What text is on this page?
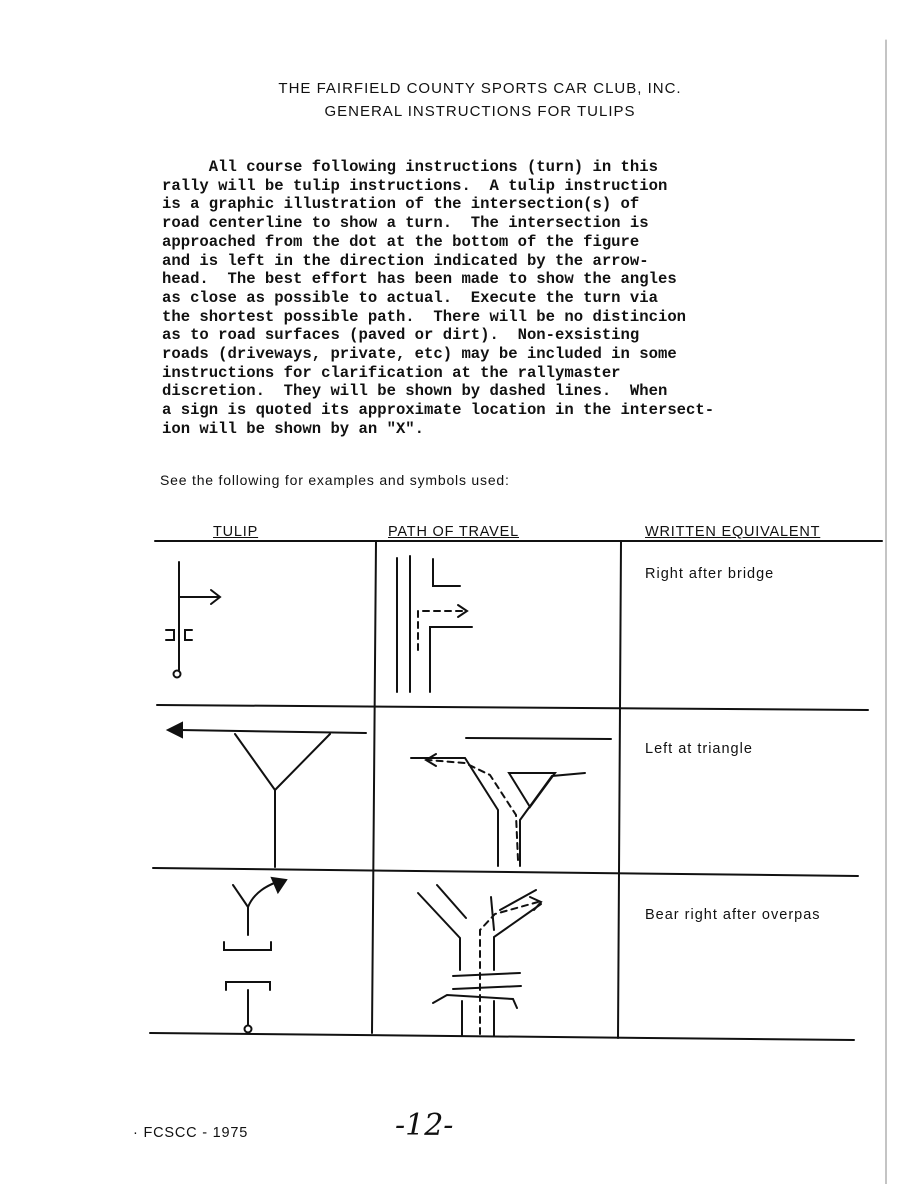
THE FAIRFIELD COUNTY SPORTS CAR CLUB, INC.
GENERAL INSTRUCTIONS FOR TULIPS
All course following instructions (turn) in this
rally will be tulip instructions.  A tulip instruction
is a graphic illustration of the intersection(s) of
road centerline to show a turn.  The intersection is
approached from the dot at the bottom of the figure
and is left in the direction indicated by the arrow-
head.  The best effort has been made to show the angles
as close as possible to actual.  Execute the turn via
the shortest possible path.  There will be no distincion
as to road surfaces (paved or dirt).  Non-exsisting
roads (driveways, private, etc) may be included in some
instructions for clarification at the rallymaster
discretion.  They will be shown by dashed lines.  When
a sign is quoted its approximate location in the intersect-
ion will be shown by an "X".
See the following for examples and symbols used:
TULIP	PATH OF TRAVEL	WRITTEN EQUIVALENT
Right after bridge
Left at triangle
Bear right after overpas
· FCSCC - 1975	-12-
